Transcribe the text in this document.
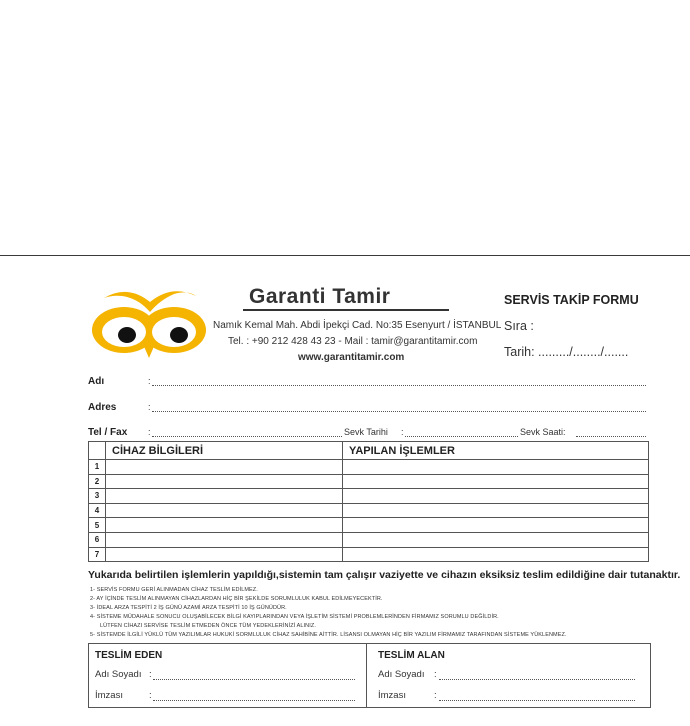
Garanti Tamir
Namık Kemal Mah. Abdi İpekçi Cad. No:35 Esenyurt / İSTANBUL
Tel. : +90 212 428 43 23 - Mail : tamir@garantitamir.com
www.garantitamir.com
SERVİS TAKİP FORMU
Sıra :
Tarih: ........./......../.......
Adı	:
Adres	:
Tel / Fax :	Sevk Tarihi :	Sevk Saati:
	CİHAZ BİLGİLERİ	YAPILAN İŞLEMLER
1		
2		
3		
4		
5		
6		
7		
Yukarıda belirtilen işlemlerin yapıldığı,sistemin tam çalışır vaziyette ve cihazın eksiksiz teslim edildiğine dair tutanaktır.
1- SERVİS FORMU GERİ ALINMADAN CİHAZ TESLİM EDİLMEZ.
2- AY İÇİNDE TESLİM ALINMAYAN CİHAZLARDAN HİÇ BİR ŞEKİLDE SORUMLULUK KABUL EDİLMEYECEKTİR.
3- İDEAL ARZA TESPİTİ 2 İŞ GÜNÜ AZAMİ ARZA TESPİTİ 10 İŞ GÜNÜDÜR.
4- SİSTEME MÜDAHALE SONUCU OLUŞABİLECEK BİLGİ KAYIPLARINDAN VEYA İŞLETİM SİSTEMİ PROBLEMLERİNDEN FİRMAMIZ SORUMLU DEĞİLDİR.
LÜTFEN CİHAZI SERVİSE TESLİM ETMEDEN ÖNCE TÜM YEDEKLERİNİZİ ALINIZ.
5- SİSTEMDE İLGİLİ YÜKLÜ TÜM YAZILIMLAR HUKUKİ SORMLULUK CİHAZ SAHİBİNE AİTTİR. LİSANSI OLMAYAN HİÇ BİR YAZILIM FİRMAMIZ TARAFINDAN SİSTEME YÜKLENMEZ.
TESLİM EDEN
Adı Soyadı :
İmzası	:
TESLİM ALAN
Adı Soyadı :
İmzası	:
